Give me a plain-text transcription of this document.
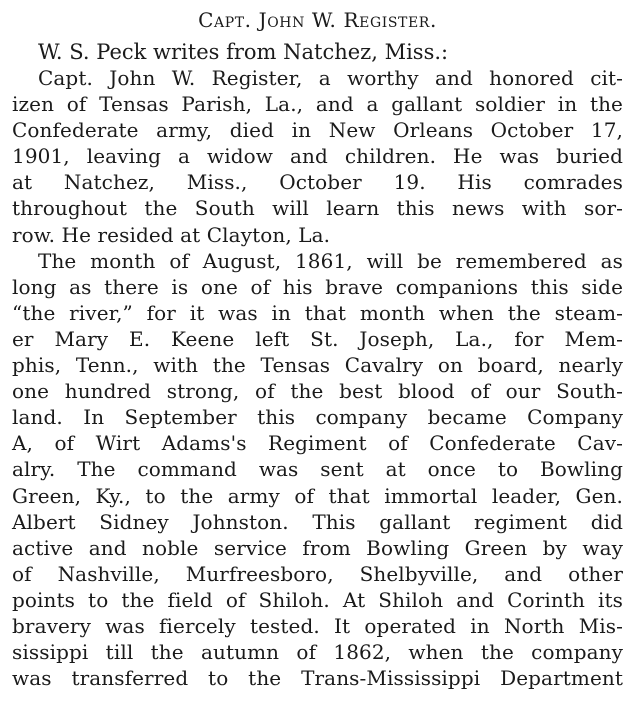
Capt. John W. Register.
W. S. Peck writes from Natchez, Miss.:
Capt. John W. Register, a worthy and honored cit-
izen of Tensas Parish, La., and a gallant soldier in the
Confederate army, died in New Orleans October 17,
1901, leaving a widow and children. He was buried
at Natchez, Miss., October 19. His comrades
throughout the South will learn this news with sor-
row. He resided at Clayton, La.
The month of August, 1861, will be remembered as
long as there is one of his brave companions this side
“the river,” for it was in that month when the steam-
er Mary E. Keene left St. Joseph, La., for Mem-
phis, Tenn., with the Tensas Cavalry on board, nearly
one hundred strong, of the best blood of our South-
land. In September this company became Company
A, of Wirt Adams's Regiment of Confederate Cav-
alry. The command was sent at once to Bowling
Green, Ky., to the army of that immortal leader, Gen.
Albert Sidney Johnston. This gallant regiment did
active and noble service from Bowling Green by way
of Nashville, Murfreesboro, Shelbyville, and other
points to the field of Shiloh. At Shiloh and Corinth its
bravery was fiercely tested. It operated in North Mis-
sissippi till the autumn of 1862, when the company
was transferred to the Trans-Mississippi Department
